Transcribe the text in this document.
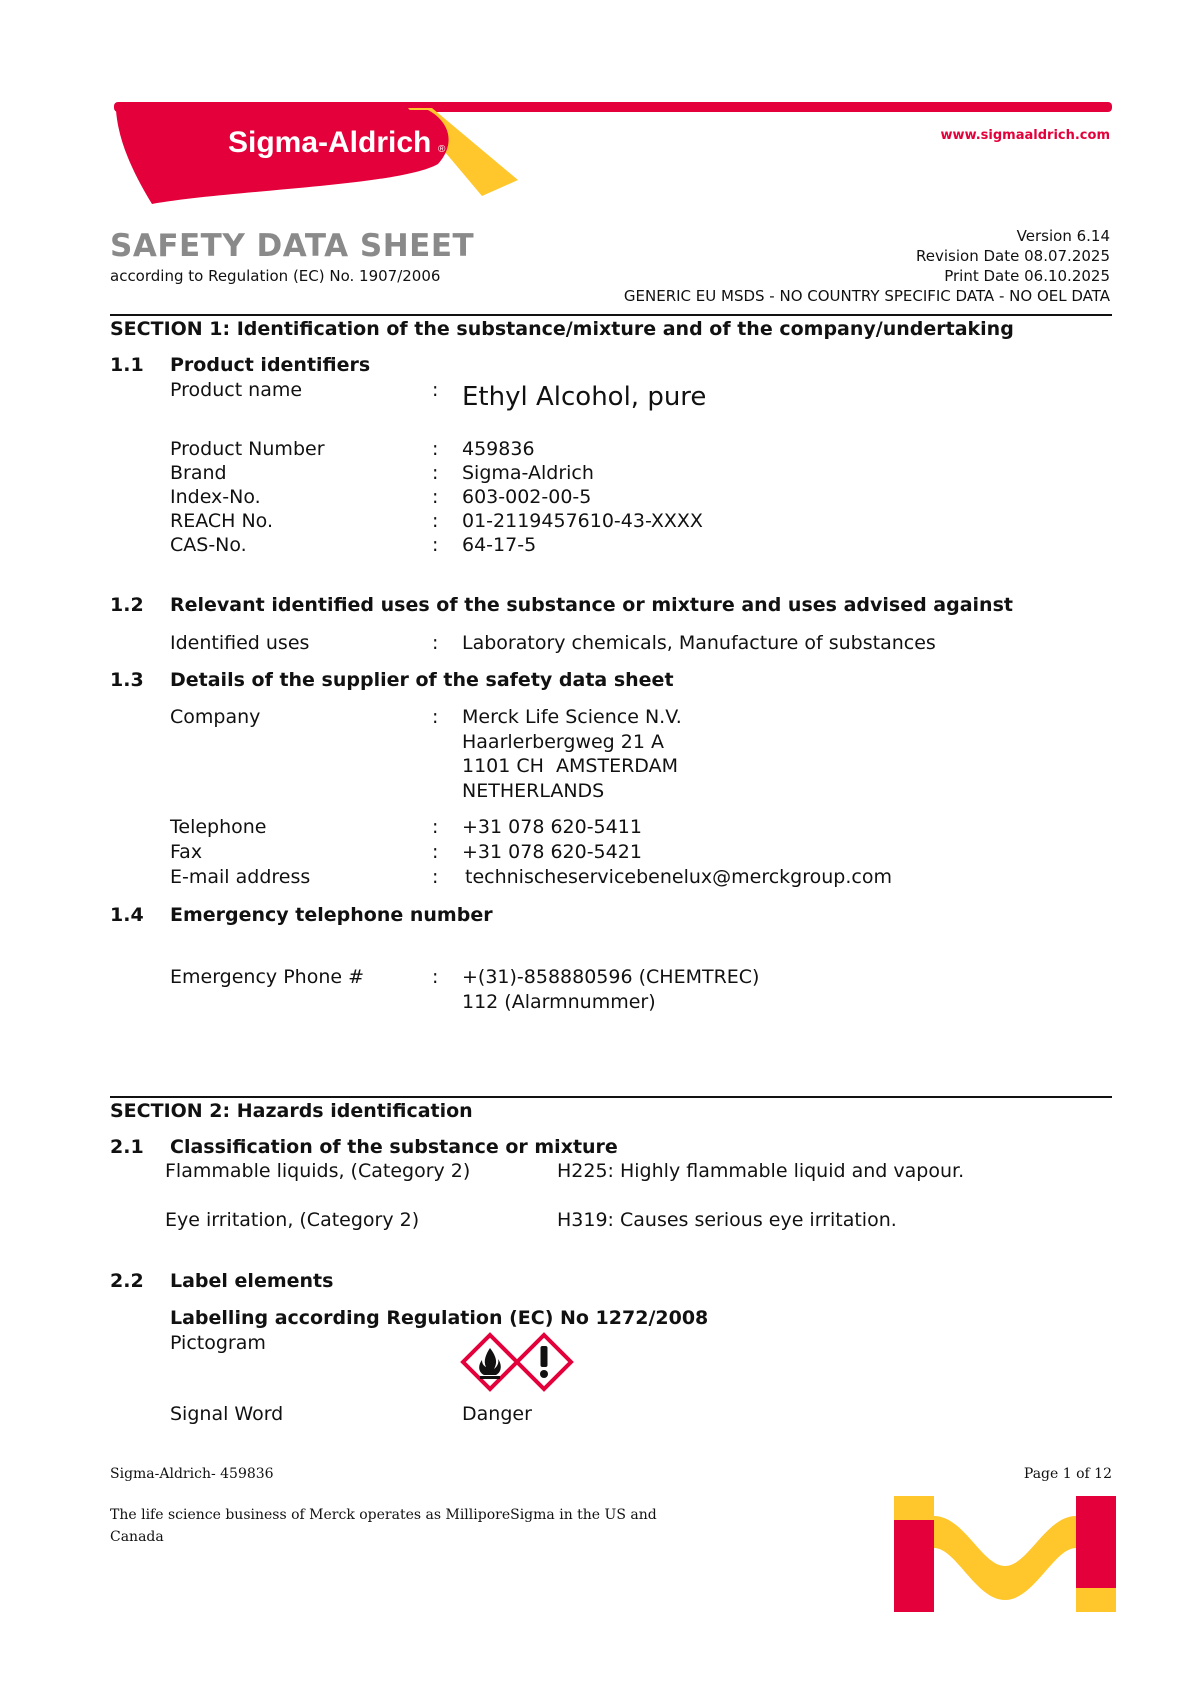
Sigma-Aldrich ®
www.sigmaaldrich.com
SAFETY DATA SHEET
according to Regulation (EC) No. 1907/2006
Version 6.14
Revision Date 08.07.2025
Print Date 06.10.2025
GENERIC EU MSDS - NO COUNTRY SPECIFIC DATA - NO OEL DATA
SECTION 1: Identification of the substance/mixture and of the company/undertaking
1.1 Product identifiers
Product name	: Ethyl Alcohol, pure
Product Number	: 459836
Brand	: Sigma-Aldrich
Index-No.	: 603-002-00-5
REACH No.	: 01-2119457610-43-XXXX
CAS-No.	: 64-17-5
1.2 Relevant identified uses of the substance or mixture and uses advised against
Identified uses	: Laboratory chemicals, Manufacture of substances
1.3 Details of the supplier of the safety data sheet
Company	: Merck Life Science N.V.
Haarlerbergweg 21 A
1101 CH  AMSTERDAM
NETHERLANDS
Telephone	: +31 078 620-5411
Fax	: +31 078 620-5421
E-mail address	: technischeservicebenelux@merckgroup.com
1.4 Emergency telephone number
Emergency Phone #	: +(31)-858880596 (CHEMTREC)
112 (Alarmnummer)
SECTION 2: Hazards identification
2.1 Classification of the substance or mixture
Flammable liquids, (Category 2)	H225: Highly flammable liquid and vapour.
Eye irritation, (Category 2)	H319: Causes serious eye irritation.
2.2 Label elements
Labelling according Regulation (EC) No 1272/2008
Pictogram
Signal Word	Danger
Sigma-Aldrich- 459836	Page 1 of 12
The life science business of Merck operates as MilliporeSigma in the US and Canada
